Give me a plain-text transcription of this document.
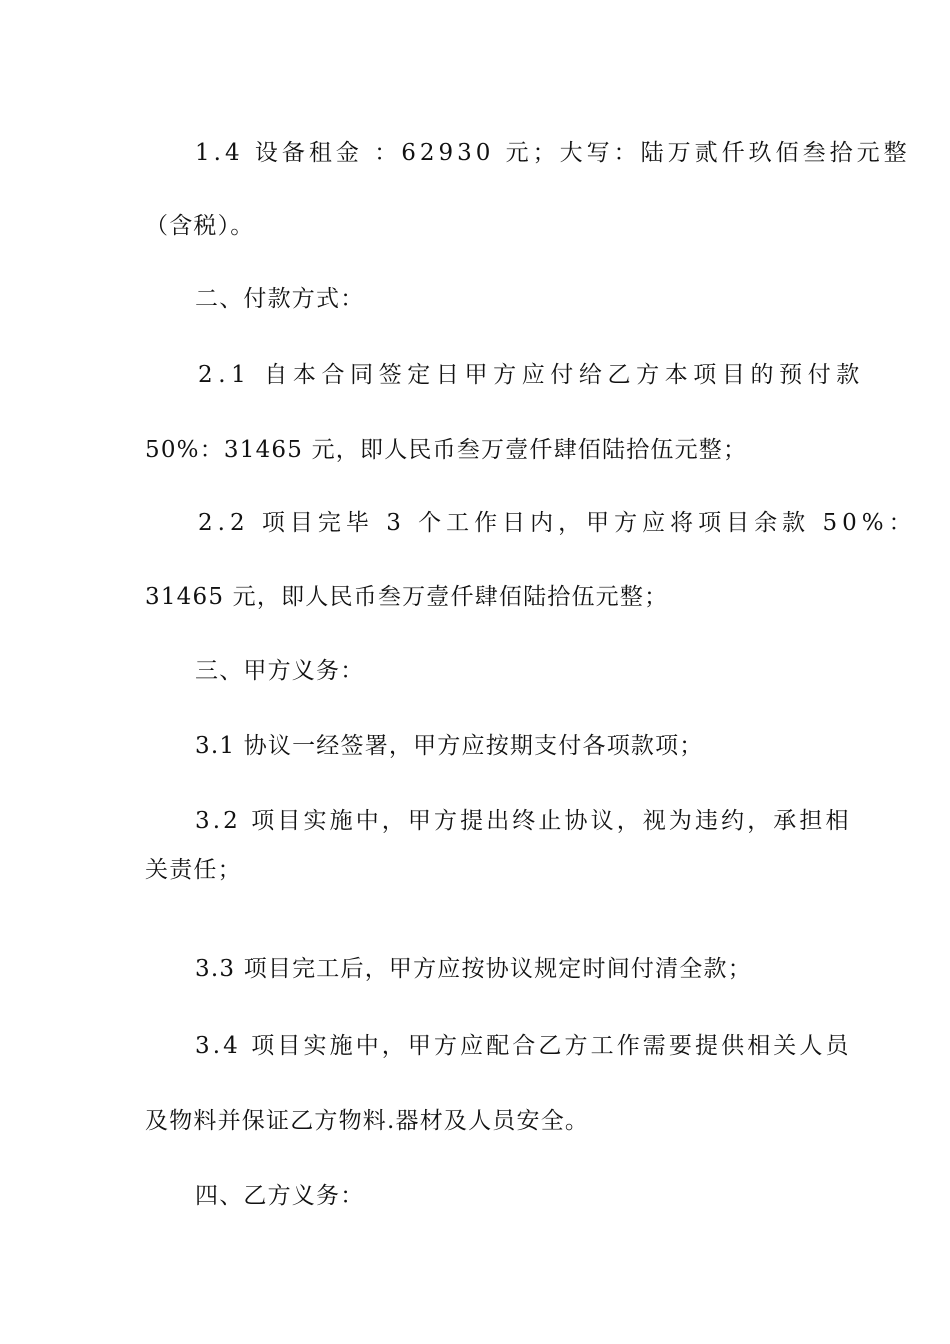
1.4 设备租金 ：62930 元；大写：陆万贰仟玖佰叁拾元整
（含税）。
二、付款方式：
2.1 自本合同签定日甲方应付给乙方本项目的预付款
50%：31465 元，即人民币叁万壹仟肆佰陆拾伍元整；
2.2 项目完毕 3 个工作日内，甲方应将项目余款 50%：
31465 元，即人民币叁万壹仟肆佰陆拾伍元整；
三、甲方义务：
3.1 协议一经签署，甲方应按期支付各项款项；
3.2 项目实施中，甲方提出终止协议，视为违约，承担相
关责任；
3.3 项目完工后，甲方应按协议规定时间付清全款；
3.4 项目实施中，甲方应配合乙方工作需要提供相关人员
及物料并保证乙方物料.器材及人员安全。
四、乙方义务：
